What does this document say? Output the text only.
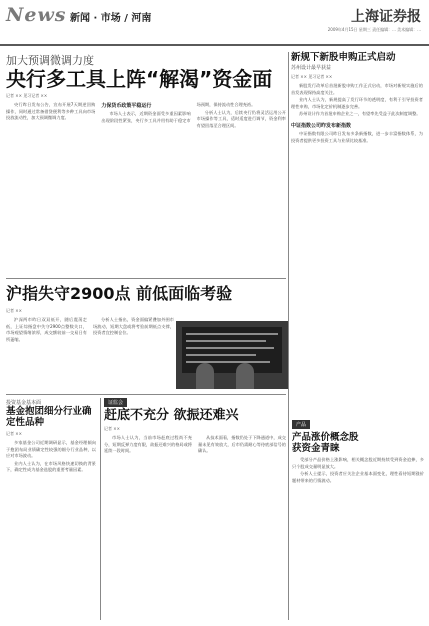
News 新闻 · 市场 / 河南	上海证券报
2009年4月15日 星期三 责任编辑：... 美术编辑：...
加大预调微调力度
央行多工具上阵“解渴”资金面
记者 ×× 见习记者 ××

央行昨日发布公告，宣布开展7天期逆回购操作，同时通过常备借贷便利等多种工具向市场投放流动性，加大预调微调力度。

力保货币政策平稳运行

市场人士表示，近期资金面受多重因素影响出现阶段性紧张，央行多工具并用有助于稳定市场预期，保持流动性合理充裕。

分析人士认为，后续央行仍将灵活运用公开市场操作等工具，适时适度进行调节，资金利率有望回落至合理区间。

新规下新股申购正式启动
苏州设计最早获益
记者 ×× 见习记者 ××

新股发行改革后首批新股申购工作正式启动，市场对新规实施后的首发表现保持高度关注。

业内人士认为，新规提高了发行环节的透明度，有利于引导投资者理性申购，市场化定价机制逐步完善。

苏州设计作为首批申购企业之一，有望率先受益于此次制度调整。

中证指数公司昨发布新指数

中证指数有限公司昨日发布多条新指数，进一步丰富指数体系，为投资者提供更多投资工具与业绩比较基准。

产品
产品涨价概念股
获资金青睐

受部分产品价格上涨影响，相关概念股近期持续受到资金追捧，多只个股成交量明显放大。

分析人士提示，投资者应关注企业基本面变化，理性看待短期涨价题材带来的行情波动。

沪指失守2900点 前低面临考验
记者 ××

沪深两市昨日双双低开，随后震荡走低，上证综指盘中失守2900点整数关口，市场观望情绪浓厚，成交额较前一交易日有所萎缩。

分析人士指出，资金面偏紧叠加外围市场波动，短期大盘或将考验前期低点支撑，投资者宜控制仓位。

投资基金基本面
基金抱团细分行业确定性品种
记者 ××

多家基金公司近期调研显示，基金经理倾向于抱团布局业绩确定性较强的细分行业品种，以应对市场波动。

业内人士认为，在市场风格快速切换的背景下，确定性成为基金选股的重要考量因素。

证监会
赶底不充分 欲振还难兴
记者 ××

市场人士认为，当前市场赶底过程尚不充分，短期反弹力度有限，欲振还难兴的格局或将延续一段时间。

从技术面看，指数仍处于下降通道中，成交量未见有效放大，后市仍需耐心等待底部信号的确认。
